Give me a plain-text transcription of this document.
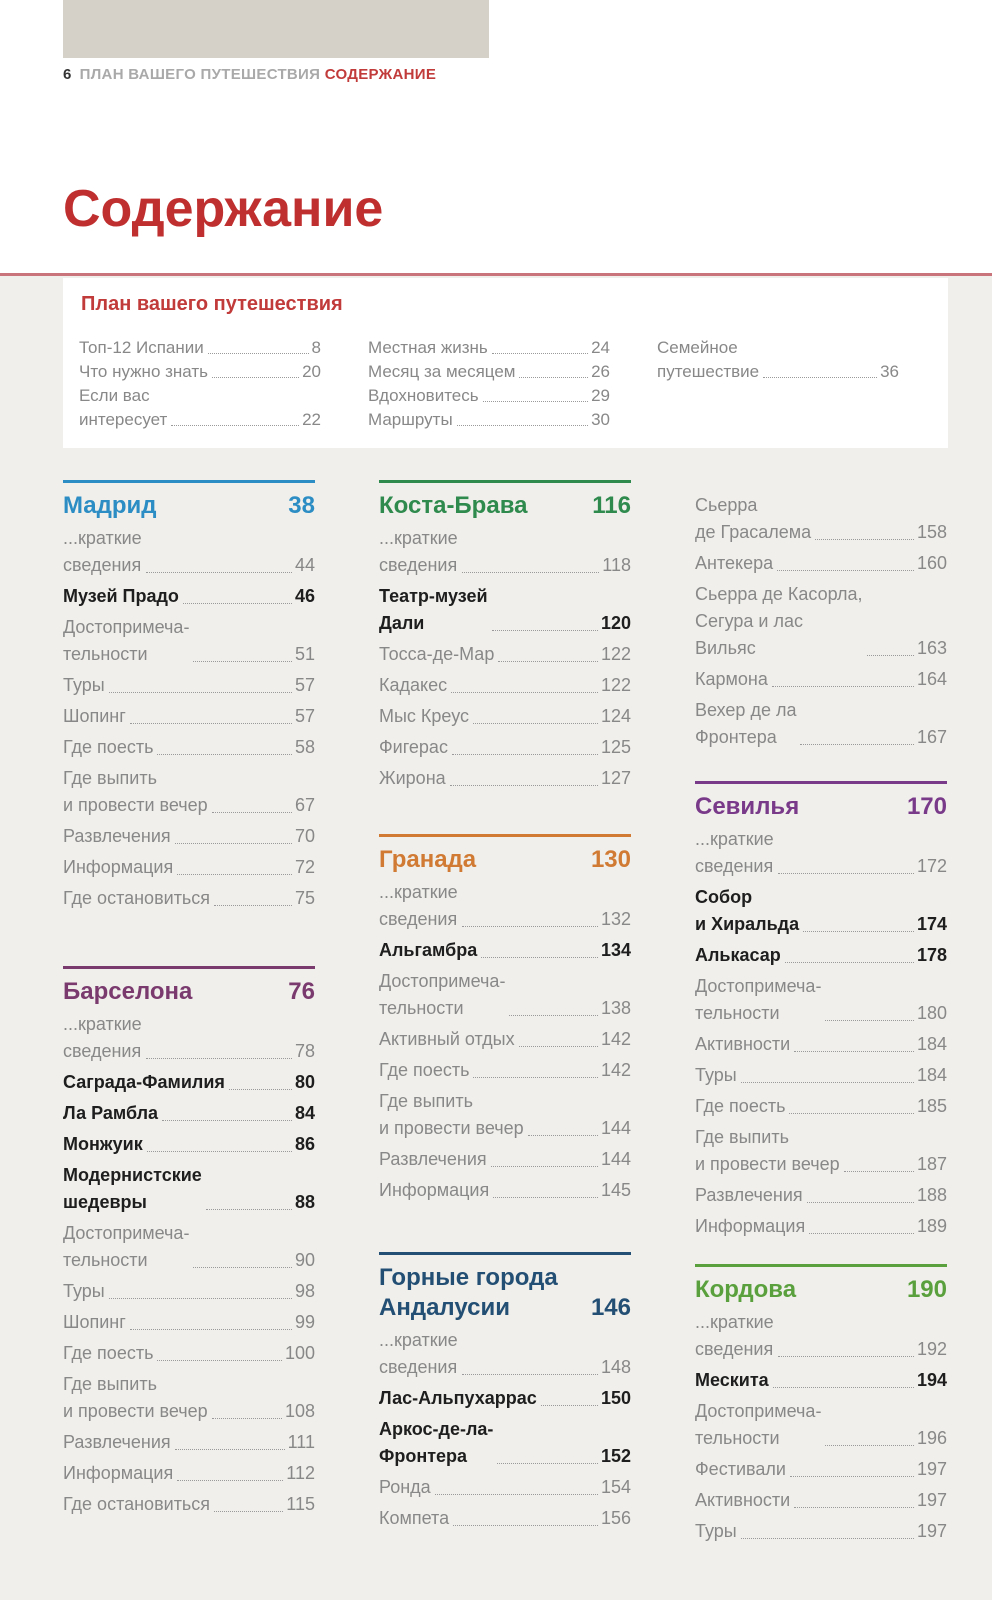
6 ПЛАН ВАШЕГО ПУТЕШЕСТВИЯ СОДЕРЖАНИЕ
Содержание
План вашего путешествия
Топ-12 Испании	8
Что нужно знать	20
Если вас
интересует	22
Местная жизнь	24
Месяц за месяцем	26
Вдохновитесь	29
Маршруты	30
Семейное
путешествие	36
Мадрид	38
...краткие
сведения	44
Музей Прадо	46
Достопримеча-
тельности	51
Туры	57
Шопинг	57
Где поесть	58
Где выпить
и провести вечер	67
Развлечения	70
Информация	72
Где остановиться	75
Барселона	76
...краткие
сведения	78
Саграда-Фамилия	80
Ла Рамбла	84
Монжуик	86
Модернистские
шедевры	88
Достопримеча-
тельности	90
Туры	98
Шопинг	99
Где поесть	100
Где выпить
и провести вечер	108
Развлечения	111
Информация	112
Где остановиться	115
Коста-Брава	116
...краткие
сведения	118
Театр-музей
Дали	120
Тосса-де-Мар	122
Кадакес	122
Мыс Креус	124
Фигерас	125
Жирона	127
Гранада	130
...краткие
сведения	132
Альгамбра	134
Достопримеча-
тельности	138
Активный отдых	142
Где поесть	142
Где выпить
и провести вечер	144
Развлечения	144
Информация	145
Горные города
Андалусии	146
...краткие
сведения	148
Лас-Альпухаррас	150
Аркос-де-ла-
Фронтера	152
Ронда	154
Компета	156
Сьерра
де Грасалема	158
Антекера	160
Сьерра де Касорла,
Сегура и лас
Вильяс	163
Кармона	164
Вехер де ла
Фронтера	167
Севилья	170
...краткие
сведения	172
Собор
и Хиральда	174
Алькасар	178
Достопримеча-
тельности	180
Активности	184
Туры	184
Где поесть	185
Где выпить
и провести вечер	187
Развлечения	188
Информация	189
Кордова	190
...краткие
сведения	192
Мескита	194
Достопримеча-
тельности	196
Фестивали	197
Активности	197
Туры	197
